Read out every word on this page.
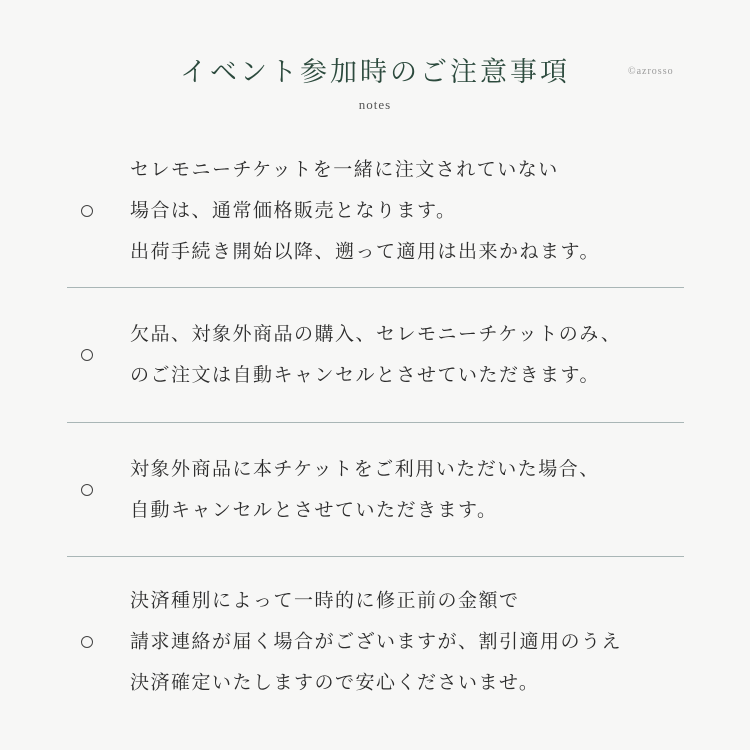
イベント参加時のご注意事項
notes
©azrosso
セレモニーチケットを一緒に注文されていない
場合は、通常価格販売となります。
出荷手続き開始以降、遡って適用は出来かねます。
欠品、対象外商品の購入、セレモニーチケットのみ、
のご注文は自動キャンセルとさせていただきます。
対象外商品に本チケットをご利用いただいた場合、
自動キャンセルとさせていただきます。
決済種別によって一時的に修正前の金額で
請求連絡が届く場合がございますが、割引適用のうえ
決済確定いたしますので安心くださいませ。
